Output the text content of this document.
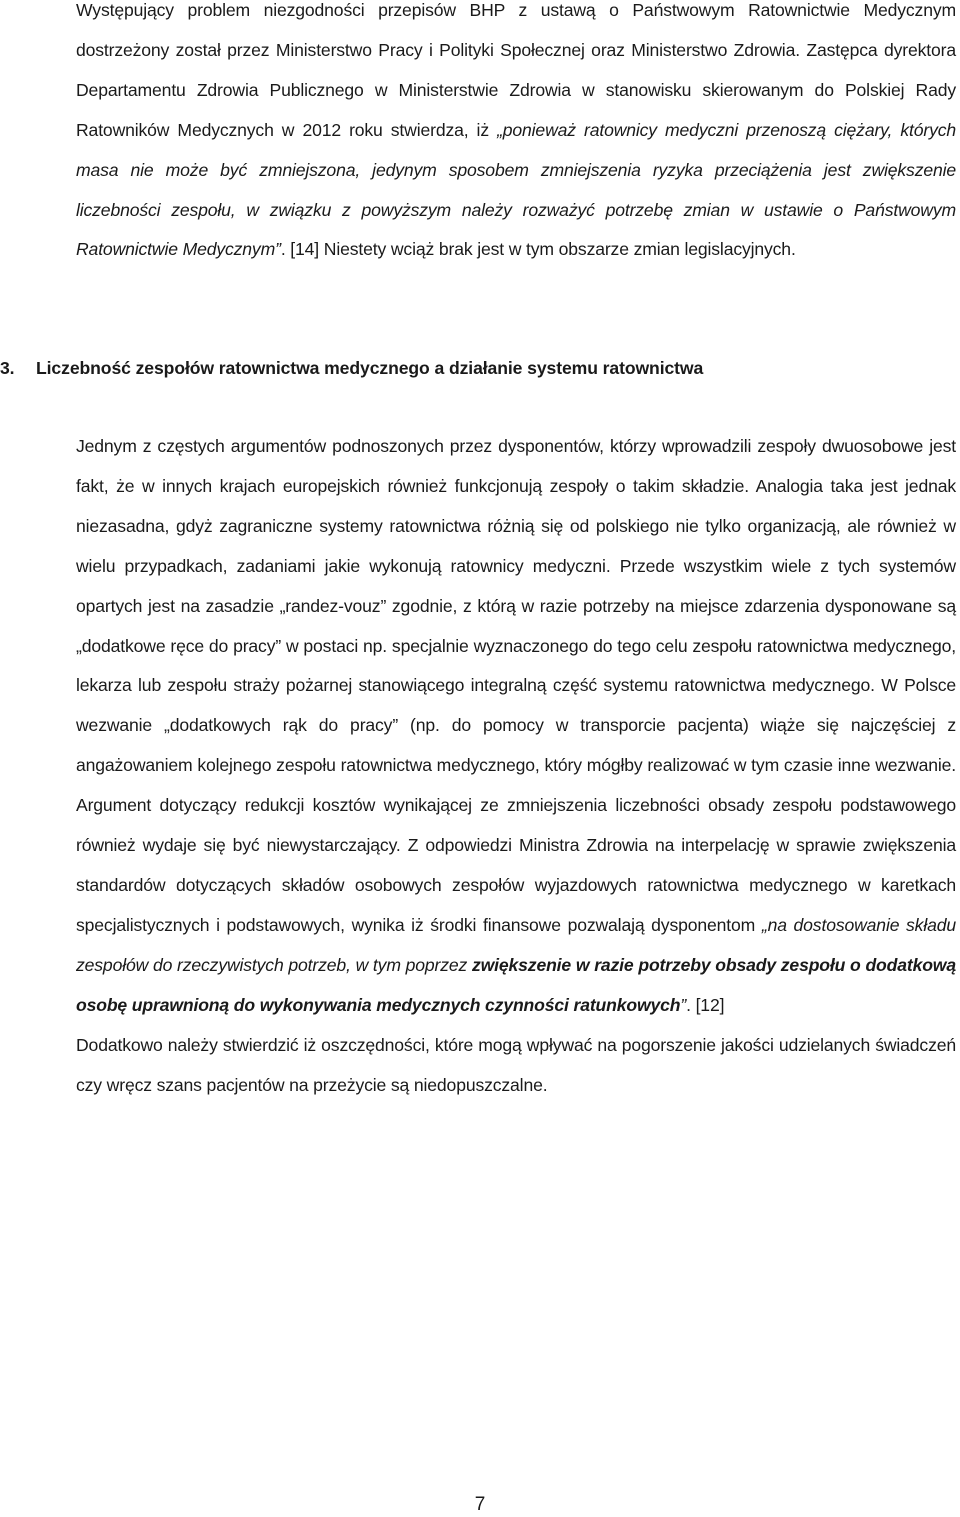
Występujący problem niezgodności przepisów BHP z ustawą o Państwowym Ratownictwie Medycznym dostrzeżony został przez Ministerstwo Pracy i Polityki Społecznej oraz Ministerstwo Zdrowia. Zastępca dyrektora Departamentu Zdrowia Publicznego w Ministerstwie Zdrowia w stanowisku skierowanym do Polskiej Rady Ratowników Medycznych w 2012 roku stwierdza, iż „ponieważ ratownicy medyczni przenoszą ciężary, których masa nie może być zmniejszona, jedynym sposobem zmniejszenia ryzyka przeciążenia jest zwiększenie liczebności zespołu, w związku z powyższym należy rozważyć potrzebę zmian w ustawie o Państwowym Ratownictwie Medycznym”. [14] Niestety wciąż brak jest w tym obszarze zmian legislacyjnych.

3. Liczebność zespołów ratownictwa medycznego a działanie systemu ratownictwa
Jednym z częstych argumentów podnoszonych przez dysponentów, którzy wprowadzili zespoły dwuosobowe jest fakt, że w innych krajach europejskich również funkcjonują zespoły o takim składzie. Analogia taka jest jednak niezasadna, gdyż zagraniczne systemy ratownictwa różnią się od polskiego nie tylko organizacją, ale również w wielu przypadkach, zadaniami jakie wykonują ratownicy medyczni. Przede wszystkim wiele z tych systemów opartych jest na zasadzie „randez-vouz” zgodnie, z którą w razie potrzeby na miejsce zdarzenia dysponowane są „dodatkowe ręce do pracy” w postaci np. specjalnie wyznaczonego do tego celu zespołu ratownictwa medycznego, lekarza lub zespołu straży pożarnej stanowiącego integralną część systemu ratownictwa medycznego. W Polsce wezwanie „dodatkowych rąk do pracy” (np. do pomocy w transporcie pacjenta) wiąże się najczęściej z angażowaniem kolejnego zespołu ratownictwa medycznego, który mógłby realizować w tym czasie inne wezwanie. Argument dotyczący redukcji kosztów wynikającej ze zmniejszenia liczebności obsady zespołu podstawowego również wydaje się być niewystarczający. Z odpowiedzi Ministra Zdrowia na interpelację w sprawie zwiększenia standardów dotyczących składów osobowych zespołów wyjazdowych ratownictwa medycznego w karetkach specjalistycznych i podstawowych, wynika iż środki finansowe pozwalają dysponentom „na dostosowanie składu zespołów do rzeczywistych potrzeb, w tym poprzez zwiększenie w razie potrzeby obsady zespołu o dodatkową osobę uprawnioną do wykonywania medycznych czynności ratunkowych”. [12]
Dodatkowo należy stwierdzić iż oszczędności, które mogą wpływać na pogorszenie jakości udzielanych świadczeń czy wręcz szans pacjentów na przeżycie są niedopuszczalne.
7
